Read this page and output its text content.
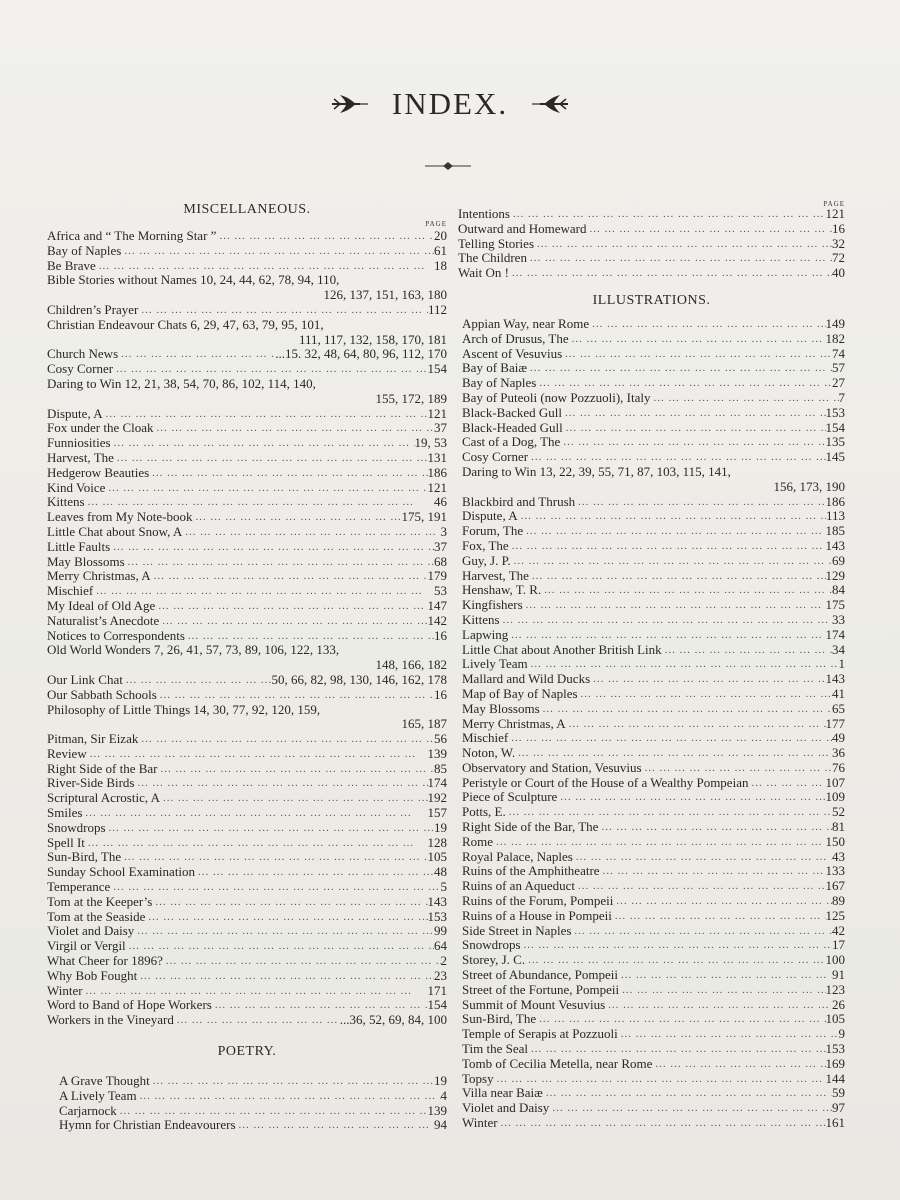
INDEX.
MISCELLANEOUS.
PAGE
Africa and “ The Morning Star ” ... .	20
Bay of Naples ... .	61
Be Brave ... .	18
Bible Stories without Names 10, 24, 44, 62, 78, 94, 110,
126, 137, 151, 163, 180
Children’s Prayer ... .	112
Christian Endeavour Chats 6, 29, 47, 63, 79, 95, 101,
111, 117, 132, 158, 170, 181
Church News ... .	...15. 32, 48, 64, 80, 96, 112, 170
Cosy Corner ... .	154
Daring to Win 12, 21, 38, 54, 70, 86, 102, 114, 140,
155, 172, 189
Dispute, A ... .	121
Fox under the Cloak ... .	37
Funniosities ... .	19, 53
Harvest, The ... .	131
Hedgerow Beauties ... .	186
Kind Voice ... .	121
Kittens ... .	46
Leaves from My Note-book ... .	175, 191
Little Chat about Snow, A ... .	3
Little Faults ... .	37
May Blossoms ... .	68
Merry Christmas, A ... .	179
Mischief ... .	53
My Ideal of Old Age ... .	147
Naturalist’s Anecdote ... .	142
Notices to Correspondents ... .	16
Old World Wonders 7, 26, 41, 57, 73, 89, 106, 122, 133,
148, 166, 182
Our Link Chat ... .	50, 66, 82, 98, 130, 146, 162, 178
Our Sabbath Schools ... .	16
Philosophy of Little Things 14, 30, 77, 92, 120, 159,
165, 187
Pitman, Sir Eizak ... .	56
Review ... .	139
Right Side of the Bar ... .	85
River-Side Birds ... .	174
Scriptural Acrostic, A ... .	192
Smiles ... .	157
Snowdrops ... .	19
Spell It ... .	128
Sun-Bird, The ... .	105
Sunday School Examination ... .	48
Temperance ... .	5
Tom at the Keeper’s ... .	143
Tom at the Seaside ... .	153
Violet and Daisy ... .	99
Virgil or Vergil ... .	64
What Cheer for 1896? ... .	2
Why Bob Fought ... .	23
Winter ... .	171
Word to Band of Hope Workers ... .	154
Workers in the Vineyard ... .	...36, 52, 69, 84, 100
POETRY.
A Grave Thought ... .	19
A Lively Team ... .	4
Carjarnock ... .	139
Hymn for Christian Endeavourers ... .	94
PAGE
Intentions ... .	121
Outward and Homeward ... .	16
Telling Stories ... .	32
The Children ... .	72
Wait On ! ... .	40
ILLUSTRATIONS.
Appian Way, near Rome ... .	149
Arch of Drusus, The ... .	182
Ascent of Vesuvius ... .	74
Bay of Baiæ ... .	57
Bay of Naples ... .	27
Bay of Puteoli (now Pozzuoli), Italy ... .	7
Black-Backed Gull ... .	153
Black-Headed Gull ... .	154
Cast of a Dog, The ... .	135
Cosy Corner ... .	145
Daring to Win 13, 22, 39, 55, 71, 87, 103, 115, 141,
156, 173, 190
Blackbird and Thrush ... .	186
Dispute, A ... .	113
Forum, The ... .	185
Fox, The ... .	143
Guy, J. P. ... .	69
Harvest, The ... .	129
Henshaw, T. R. ... .	84
Kingfishers ... .	175
Kittens ... .	33
Lapwing ... .	174
Little Chat about Another British Link ... .	34
Lively Team ... .	1
Mallard and Wild Ducks ... .	143
Map of Bay of Naples ... .	41
May Blossoms ... .	65
Merry Christmas, A ... .	177
Mischief ... .	49
Noton, W. ... .	36
Observatory and Station, Vesuvius ... .	76
Peristyle or Court of the House of a Wealthy Pompeian ... .	107
Piece of Sculpture ... .	109
Potts, E. ... .	52
Right Side of the Bar, The ... .	81
Rome ... .	150
Royal Palace, Naples ... .	43
Ruins of the Amphitheatre ... .	133
Ruins of an Aqueduct ... .	167
Ruins of the Forum, Pompeii ... .	89
Ruins of a House in Pompeii ... .	125
Side Street in Naples ... .	42
Snowdrops ... .	17
Storey, J. C. ... .	100
Street of Abundance, Pompeii ... .	91
Street of the Fortune, Pompeii ... .	123
Summit of Mount Vesuvius ... .	26
Sun-Bird, The ... .	105
Temple of Serapis at Pozzuoli ... .	9
Tim the Seal ... .	153
Tomb of Cecilia Metella, near Rome ... .	169
Topsy ... .	144
Villa near Baiæ ... .	59
Violet and Daisy ... .	97
Winter ... .	161
